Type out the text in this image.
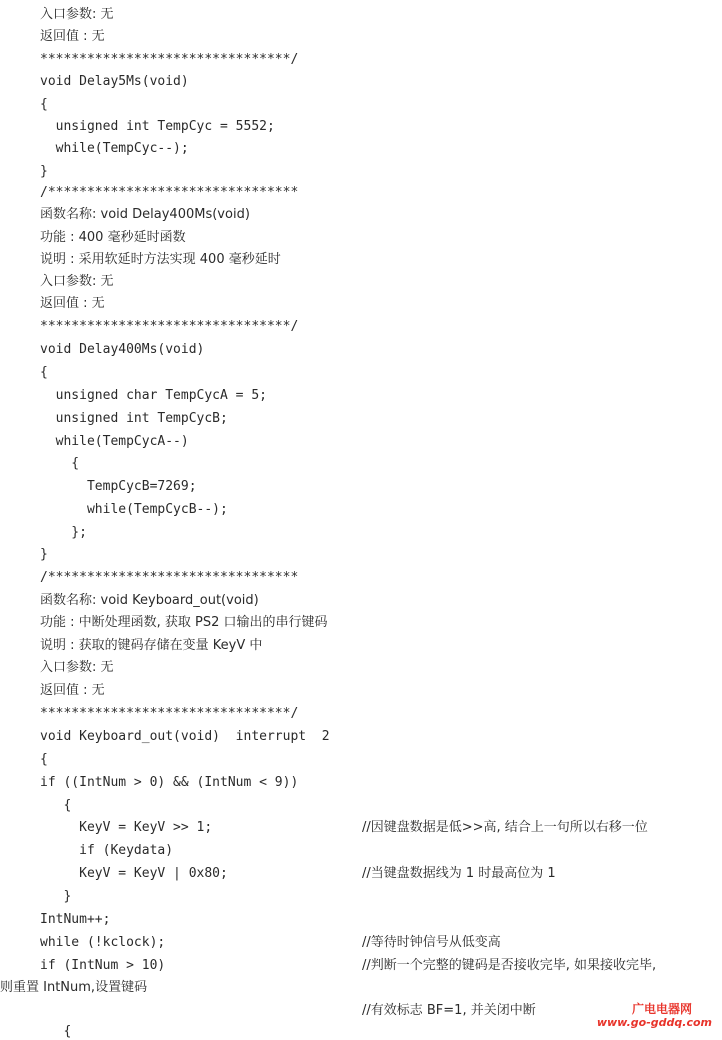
入口参数: 无
返回值 : 无
********************************/
void Delay5Ms(void)
{
unsigned int TempCyc = 5552;
while(TempCyc--);
}
/********************************
函数名称: void Delay400Ms(void)
功能 : 400 毫秒延时函数
说明 : 采用软延时方法实现 400 毫秒延时
入口参数: 无
返回值 : 无
********************************/
void Delay400Ms(void)
{
unsigned char TempCycA = 5;
unsigned int TempCycB;
while(TempCycA--)
{
TempCycB=7269;
while(TempCycB--);
};
}
/********************************
函数名称: void Keyboard_out(void)
功能 : 中断处理函数, 获取 PS2 口输出的串行键码
说明 : 获取的键码存储在变量 KeyV 中
入口参数: 无
返回值 : 无
********************************/
void Keyboard_out(void)  interrupt  2
{
if ((IntNum > 0) && (IntNum < 9))
{
KeyV = KeyV >> 1;
if (Keydata)
KeyV = KeyV | 0x80;
}
IntNum++;
while (!kclock);
if (IntNum > 10)
则重置 IntNum,设置键码
{
//因键盘数据是低>>高, 结合上一句所以右移一位
//当键盘数据线为 1 时最高位为 1
//等待时钟信号从低变高
//判断一个完整的键码是否接收完毕, 如果接收完毕,
//有效标志 BF=1, 并关闭中断	广电电器网
www.go-gddq.com
